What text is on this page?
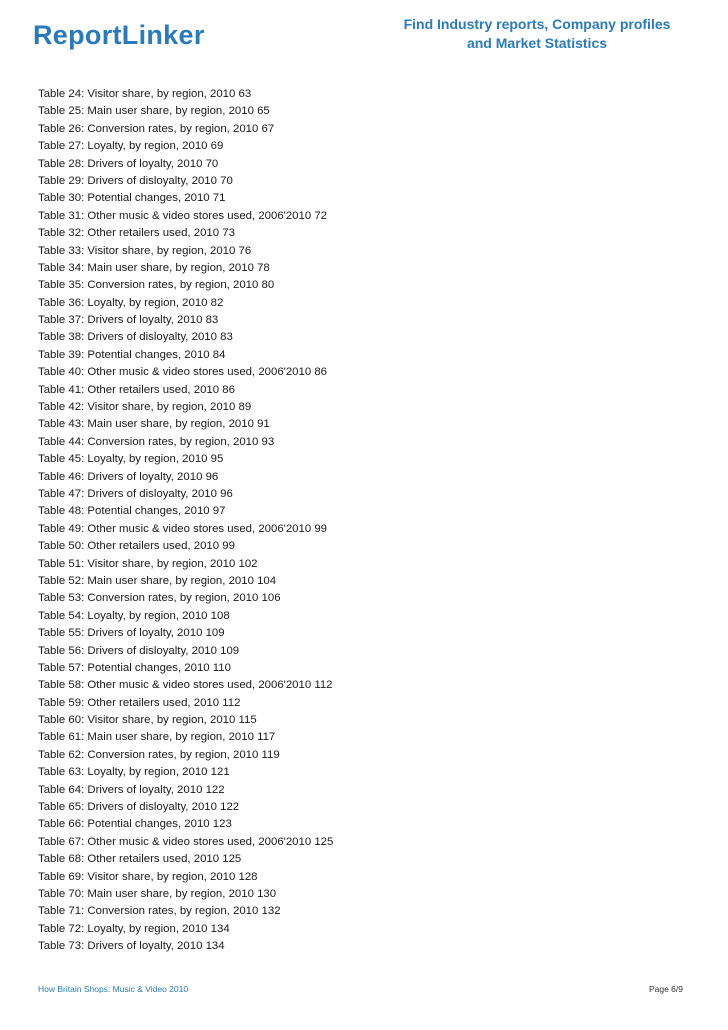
ReportLinker	Find Industry reports, Company profiles
and Market Statistics
Table 24: Visitor share, by region, 2010 63
Table 25: Main user share, by region, 2010 65
Table 26: Conversion rates, by region, 2010 67
Table 27: Loyalty, by region, 2010 69
Table 28: Drivers of loyalty, 2010 70
Table 29: Drivers of disloyalty, 2010 70
Table 30: Potential changes, 2010 71
Table 31: Other music & video stores used, 2006'2010 72
Table 32: Other retailers used, 2010 73
Table 33: Visitor share, by region, 2010 76
Table 34: Main user share, by region, 2010 78
Table 35: Conversion rates, by region, 2010 80
Table 36: Loyalty, by region, 2010 82
Table 37: Drivers of loyalty, 2010 83
Table 38: Drivers of disloyalty, 2010 83
Table 39: Potential changes, 2010 84
Table 40: Other music & video stores used, 2006'2010 86
Table 41: Other retailers used, 2010 86
Table 42: Visitor share, by region, 2010 89
Table 43: Main user share, by region, 2010 91
Table 44: Conversion rates, by region, 2010 93
Table 45: Loyalty, by region, 2010 95
Table 46: Drivers of loyalty, 2010 96
Table 47: Drivers of disloyalty, 2010 96
Table 48: Potential changes, 2010 97
Table 49: Other music & video stores used, 2006'2010 99
Table 50: Other retailers used, 2010 99
Table 51: Visitor share, by region, 2010 102
Table 52: Main user share, by region, 2010 104
Table 53: Conversion rates, by region, 2010 106
Table 54: Loyalty, by region, 2010 108
Table 55: Drivers of loyalty, 2010 109
Table 56: Drivers of disloyalty, 2010 109
Table 57: Potential changes, 2010 110
Table 58: Other music & video stores used, 2006'2010 112
Table 59: Other retailers used, 2010 112
Table 60: Visitor share, by region, 2010 115
Table 61: Main user share, by region, 2010 117
Table 62: Conversion rates, by region, 2010 119
Table 63: Loyalty, by region, 2010 121
Table 64: Drivers of loyalty, 2010 122
Table 65: Drivers of disloyalty, 2010 122
Table 66: Potential changes, 2010 123
Table 67: Other music & video stores used, 2006'2010 125
Table 68: Other retailers used, 2010 125
Table 69: Visitor share, by region, 2010 128
Table 70: Main user share, by region, 2010 130
Table 71: Conversion rates, by region, 2010 132
Table 72: Loyalty, by region, 2010 134
Table 73: Drivers of loyalty, 2010 134
How Britain Shops: Music & Video 2010	Page 6/9
